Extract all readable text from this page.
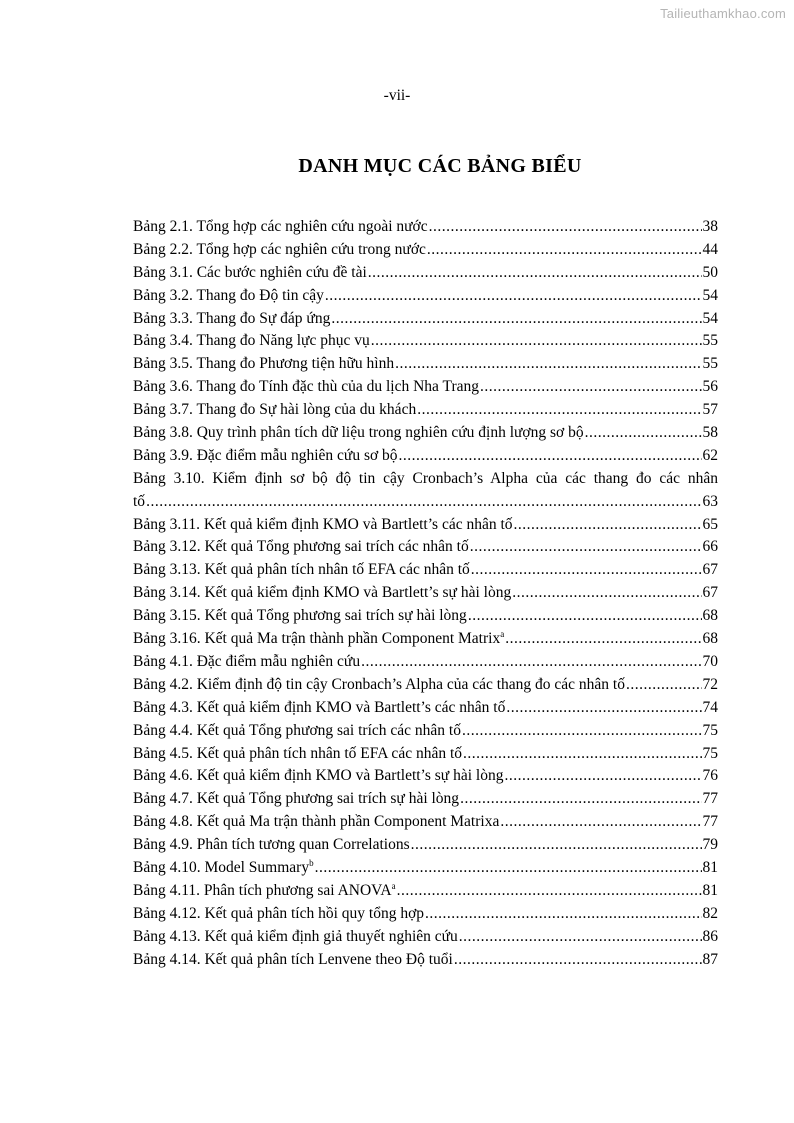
Tailieuthamkhao.com
-vii-
DANH MỤC CÁC BẢNG BIỂU
Bảng 2.1. Tổng hợp các nghiên cứu ngoài nước .....	38
Bảng 2.2. Tổng hợp các nghiên cứu trong nước .....	44
Bảng 3.1. Các bước nghiên cứu đề tài .....	50
Bảng 3.2. Thang đo Độ tin cậy .....	54
Bảng 3.3. Thang đo Sự đáp ứng .....	54
Bảng 3.4. Thang đo Năng lực phục vụ .....	55
Bảng 3.5. Thang đo Phương tiện hữu hình .....	55
Bảng 3.6. Thang đo Tính đặc thù của du lịch Nha Trang .....	56
Bảng 3.7. Thang đo Sự hài lòng của du khách .....	57
Bảng 3.8. Quy trình phân tích dữ liệu trong nghiên cứu định lượng sơ bộ .....	58
Bảng 3.9. Đặc điểm mẫu nghiên cứu sơ bộ .....	62
Bảng 3.10. Kiểm định sơ bộ độ tin cậy Cronbach’s Alpha của các thang đo các nhân
tố .....	63
Bảng 3.11. Kết quả kiểm định KMO và Bartlett’s các nhân tố .....	65
Bảng 3.12. Kết quả Tổng phương sai trích các nhân tố .....	66
Bảng 3.13. Kết quả phân tích nhân tố EFA các nhân tố .....	67
Bảng 3.14. Kết quả kiểm định KMO và Bartlett’s sự hài lòng .....	67
Bảng 3.15. Kết quả Tổng phương sai trích sự hài lòng .....	68
Bảng 3.16. Kết quả Ma trận thành phần Component Matrix$^a$ .....	68
Bảng 4.1. Đặc điểm mẫu nghiên cứu .....	70
Bảng 4.2. Kiểm định độ tin cậy Cronbach’s Alpha của các thang đo các nhân tố .....	72
Bảng 4.3. Kết quả kiểm định KMO và Bartlett’s các nhân tố .....	74
Bảng 4.4. Kết quả Tổng phương sai trích các nhân tố .....	75
Bảng 4.5. Kết quả phân tích nhân tố EFA các nhân tố .....	75
Bảng 4.6. Kết quả kiểm định KMO và Bartlett’s sự hài lòng .....	76
Bảng 4.7. Kết quả Tổng phương sai trích sự hài lòng .....	77
Bảng 4.8. Kết quả Ma trận thành phần Component Matrixa .....	77
Bảng 4.9. Phân tích tương quan Correlations .....	79
Bảng 4.10. Model Summary$^b$ .....	81
Bảng 4.11. Phân tích phương sai ANOVA$^a$ .....	81
Bảng 4.12. Kết quả phân tích hồi quy tổng hợp .....	82
Bảng 4.13. Kết quả kiểm định giả thuyết nghiên cứu .....	86
Bảng 4.14. Kết quả phân tích Lenvene theo Độ tuổi .....	87
